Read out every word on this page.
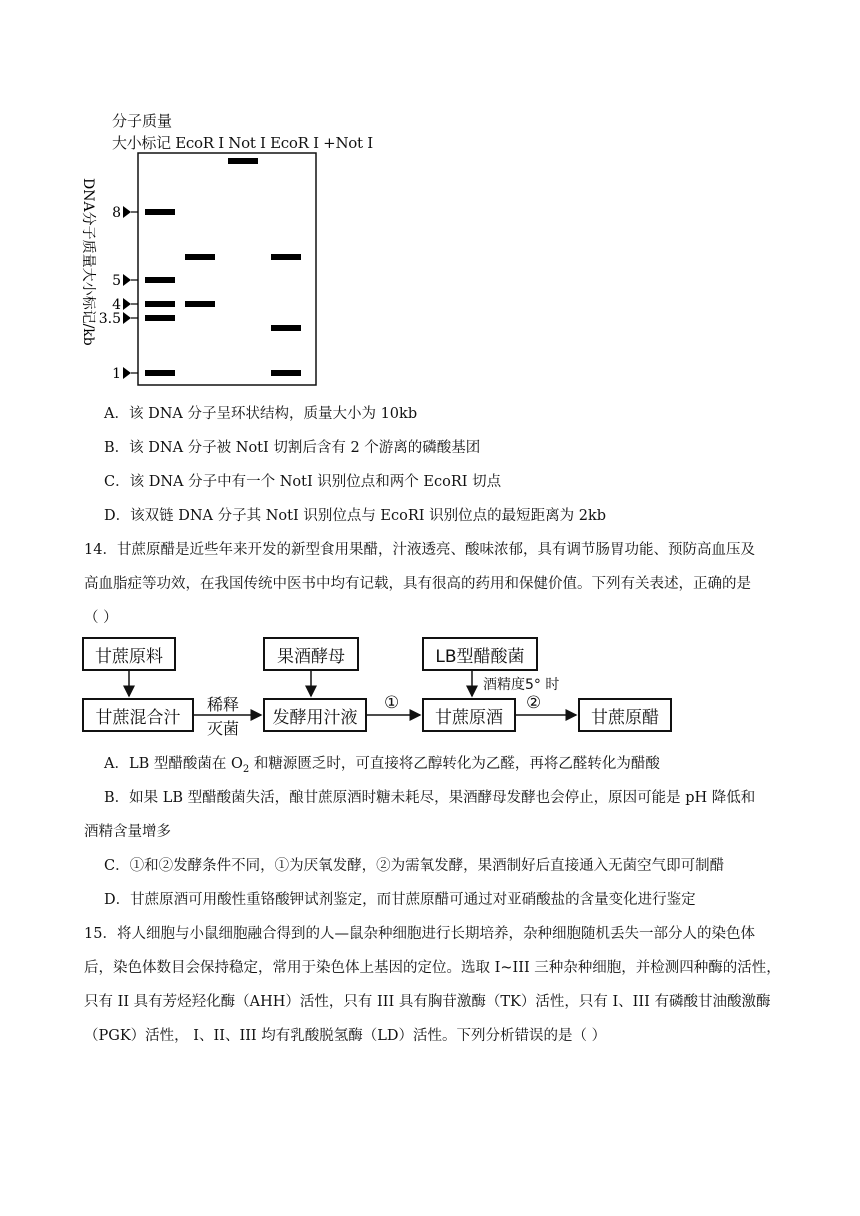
分子质量
大小标记 EcoR Ⅰ Not Ⅰ EcoR Ⅰ +Not Ⅰ
8
5
4
3.5
1
DNA分子质量大小标记/kb
A．该 DNA 分子呈环状结构，质量大小为 10kb
B．该 DNA 分子被 NotI 切割后含有 2 个游离的磷酸基团
C．该 DNA 分子中有一个 NotI 识别位点和两个 EcoRI 切点
D．该双链 DNA 分子其 NotI 识别位点与 EcoRI 识别位点的最短距离为 2kb
14．甘蔗原醋是近些年来开发的新型食用果醋，汁液透亮、酸味浓郁，具有调节肠胃功能、预防高血压及
高血脂症等功效，在我国传统中医书中均有记载，具有很高的药用和保健价值。下列有关表述，正确的是
（ ）
甘蔗原料
甘蔗混合汁
果酒酵母
发酵用汁液
LB型醋酸菌
甘蔗原酒	甘蔗原醋
稀释
灭菌
①
酒精度5° 时
②
A．LB 型醋酸菌在 $O_2$ 和糖源匮乏时，可直接将乙醇转化为乙醛，再将乙醛转化为醋酸
B．如果 LB 型醋酸菌失活，酿甘蔗原酒时糖未耗尽，果酒酵母发酵也会停止，原因可能是 pH 降低和
酒精含量增多
C．①和②发酵条件不同，①为厌氧发酵，②为需氧发酵，果酒制好后直接通入无菌空气即可制醋
D．甘蔗原酒可用酸性重铬酸钾试剂鉴定，而甘蔗原醋可通过对亚硝酸盐的含量变化进行鉴定
15．将人细胞与小鼠细胞融合得到的人—鼠杂种细胞进行长期培养，杂种细胞随机丢失一部分人的染色体
后，染色体数目会保持稳定，常用于染色体上基因的定位。选取 I~III 三种杂种细胞，并检测四种酶的活性，
只有 II 具有芳烃羟化酶（AHH）活性，只有 III 具有胸苷激酶（TK）活性，只有 I、III 有磷酸甘油酸激酶
（PGK）活性， I、II、III 均有乳酸脱氢酶（LD）活性。下列分析错误的是（ ）
